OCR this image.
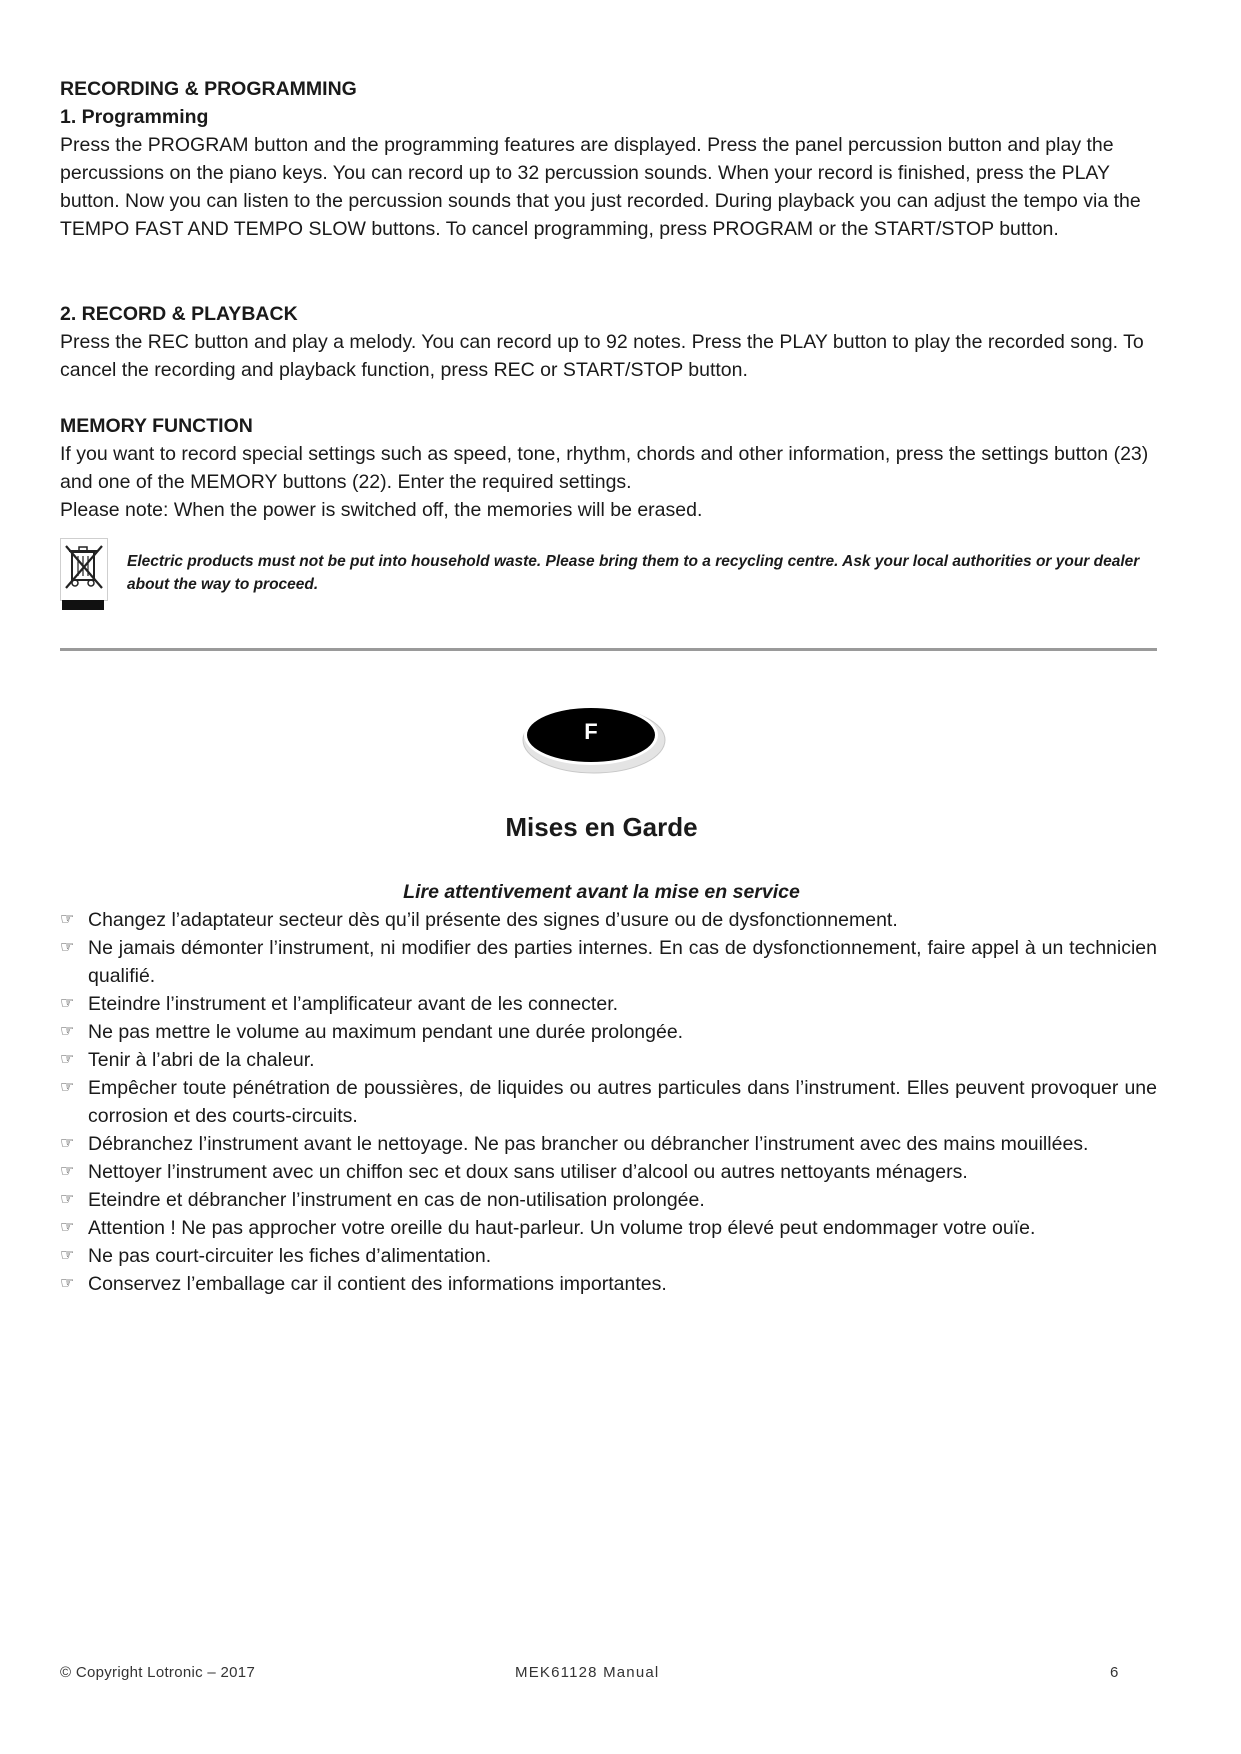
RECORDING & PROGRAMMING
1. Programming

Press the PROGRAM button and the programming features are displayed. Press the panel percussion button and play the percussions on the piano keys. You can record up to 32 percussion sounds. When your record is finished, press the PLAY button. Now you can listen to the percussion sounds that you just recorded. During playback you can adjust the tempo via the TEMPO FAST AND TEMPO SLOW buttons. To cancel programming, press PROGRAM or the START/STOP button.

2. RECORD & PLAYBACK

Press the REC button and play a melody. You can record up to 92 notes. Press the PLAY button to play the recorded song. To cancel the recording and playback function, press REC or START/STOP button.

MEMORY FUNCTION

If you want to record special settings such as speed, tone, rhythm, chords and other information, press the settings button (23) and one of the MEMORY buttons (22). Enter the required settings.

Please note: When the power is switched off, the memories will be erased.

Electric products must not be put into household waste. Please bring them to a recycling centre. Ask your local authorities or your dealer about the way to proceed.

F
Mises en Garde
Lire attentivement avant la mise en service
☞ Changez l’adaptateur secteur dès qu’il présente des signes d’usure ou de dysfonctionnement.
☞ Ne jamais démonter l’instrument, ni modifier des parties internes. En cas de dysfonctionnement, faire appel à un technicien qualifié.
☞ Eteindre l’instrument et l’amplificateur avant de les connecter.
☞ Ne pas mettre le volume au maximum pendant une durée prolongée.
☞ Tenir à l’abri de la chaleur.
☞ Empêcher toute pénétration de poussières, de liquides ou autres particules dans l’instrument. Elles peuvent provoquer une corrosion et des courts-circuits.
☞ Débranchez l’instrument avant le nettoyage. Ne pas brancher ou débrancher l’instrument avec des mains mouillées.
☞ Nettoyer l’instrument avec un chiffon sec et doux sans utiliser d’alcool ou autres nettoyants ménagers.
☞ Eteindre et débrancher l’instrument en cas de non-utilisation prolongée.
☞ Attention ! Ne pas approcher votre oreille du haut-parleur. Un volume trop élevé peut endommager votre ouïe.
☞ Ne pas court-circuiter les fiches d’alimentation.
☞ Conservez l’emballage car il contient des informations importantes.
© Copyright Lotronic – 2017	MEK61128 Manual	6
